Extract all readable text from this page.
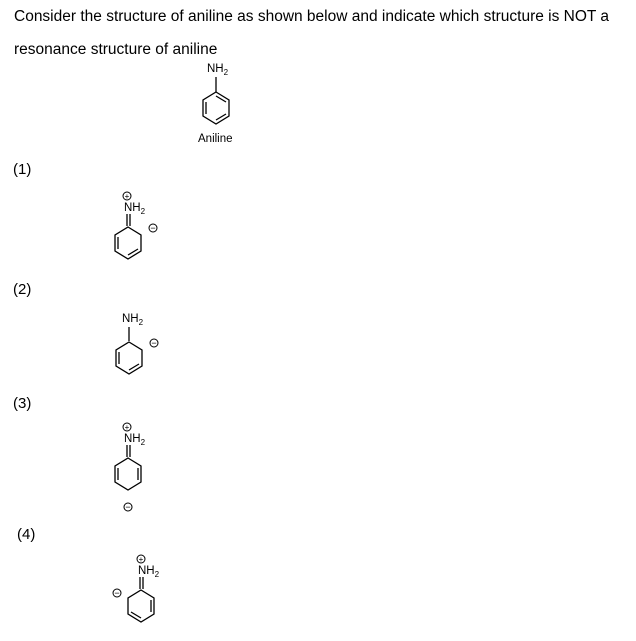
Consider the structure of aniline as shown below and indicate which structure is NOT a resonance structure of aniline
(1)
(2)
(3)
(4)
$NH_2$
Aniline
+
$NH_2$
−
$NH_2$
−
+
$NH_2$
−
+
$NH_2$
−
